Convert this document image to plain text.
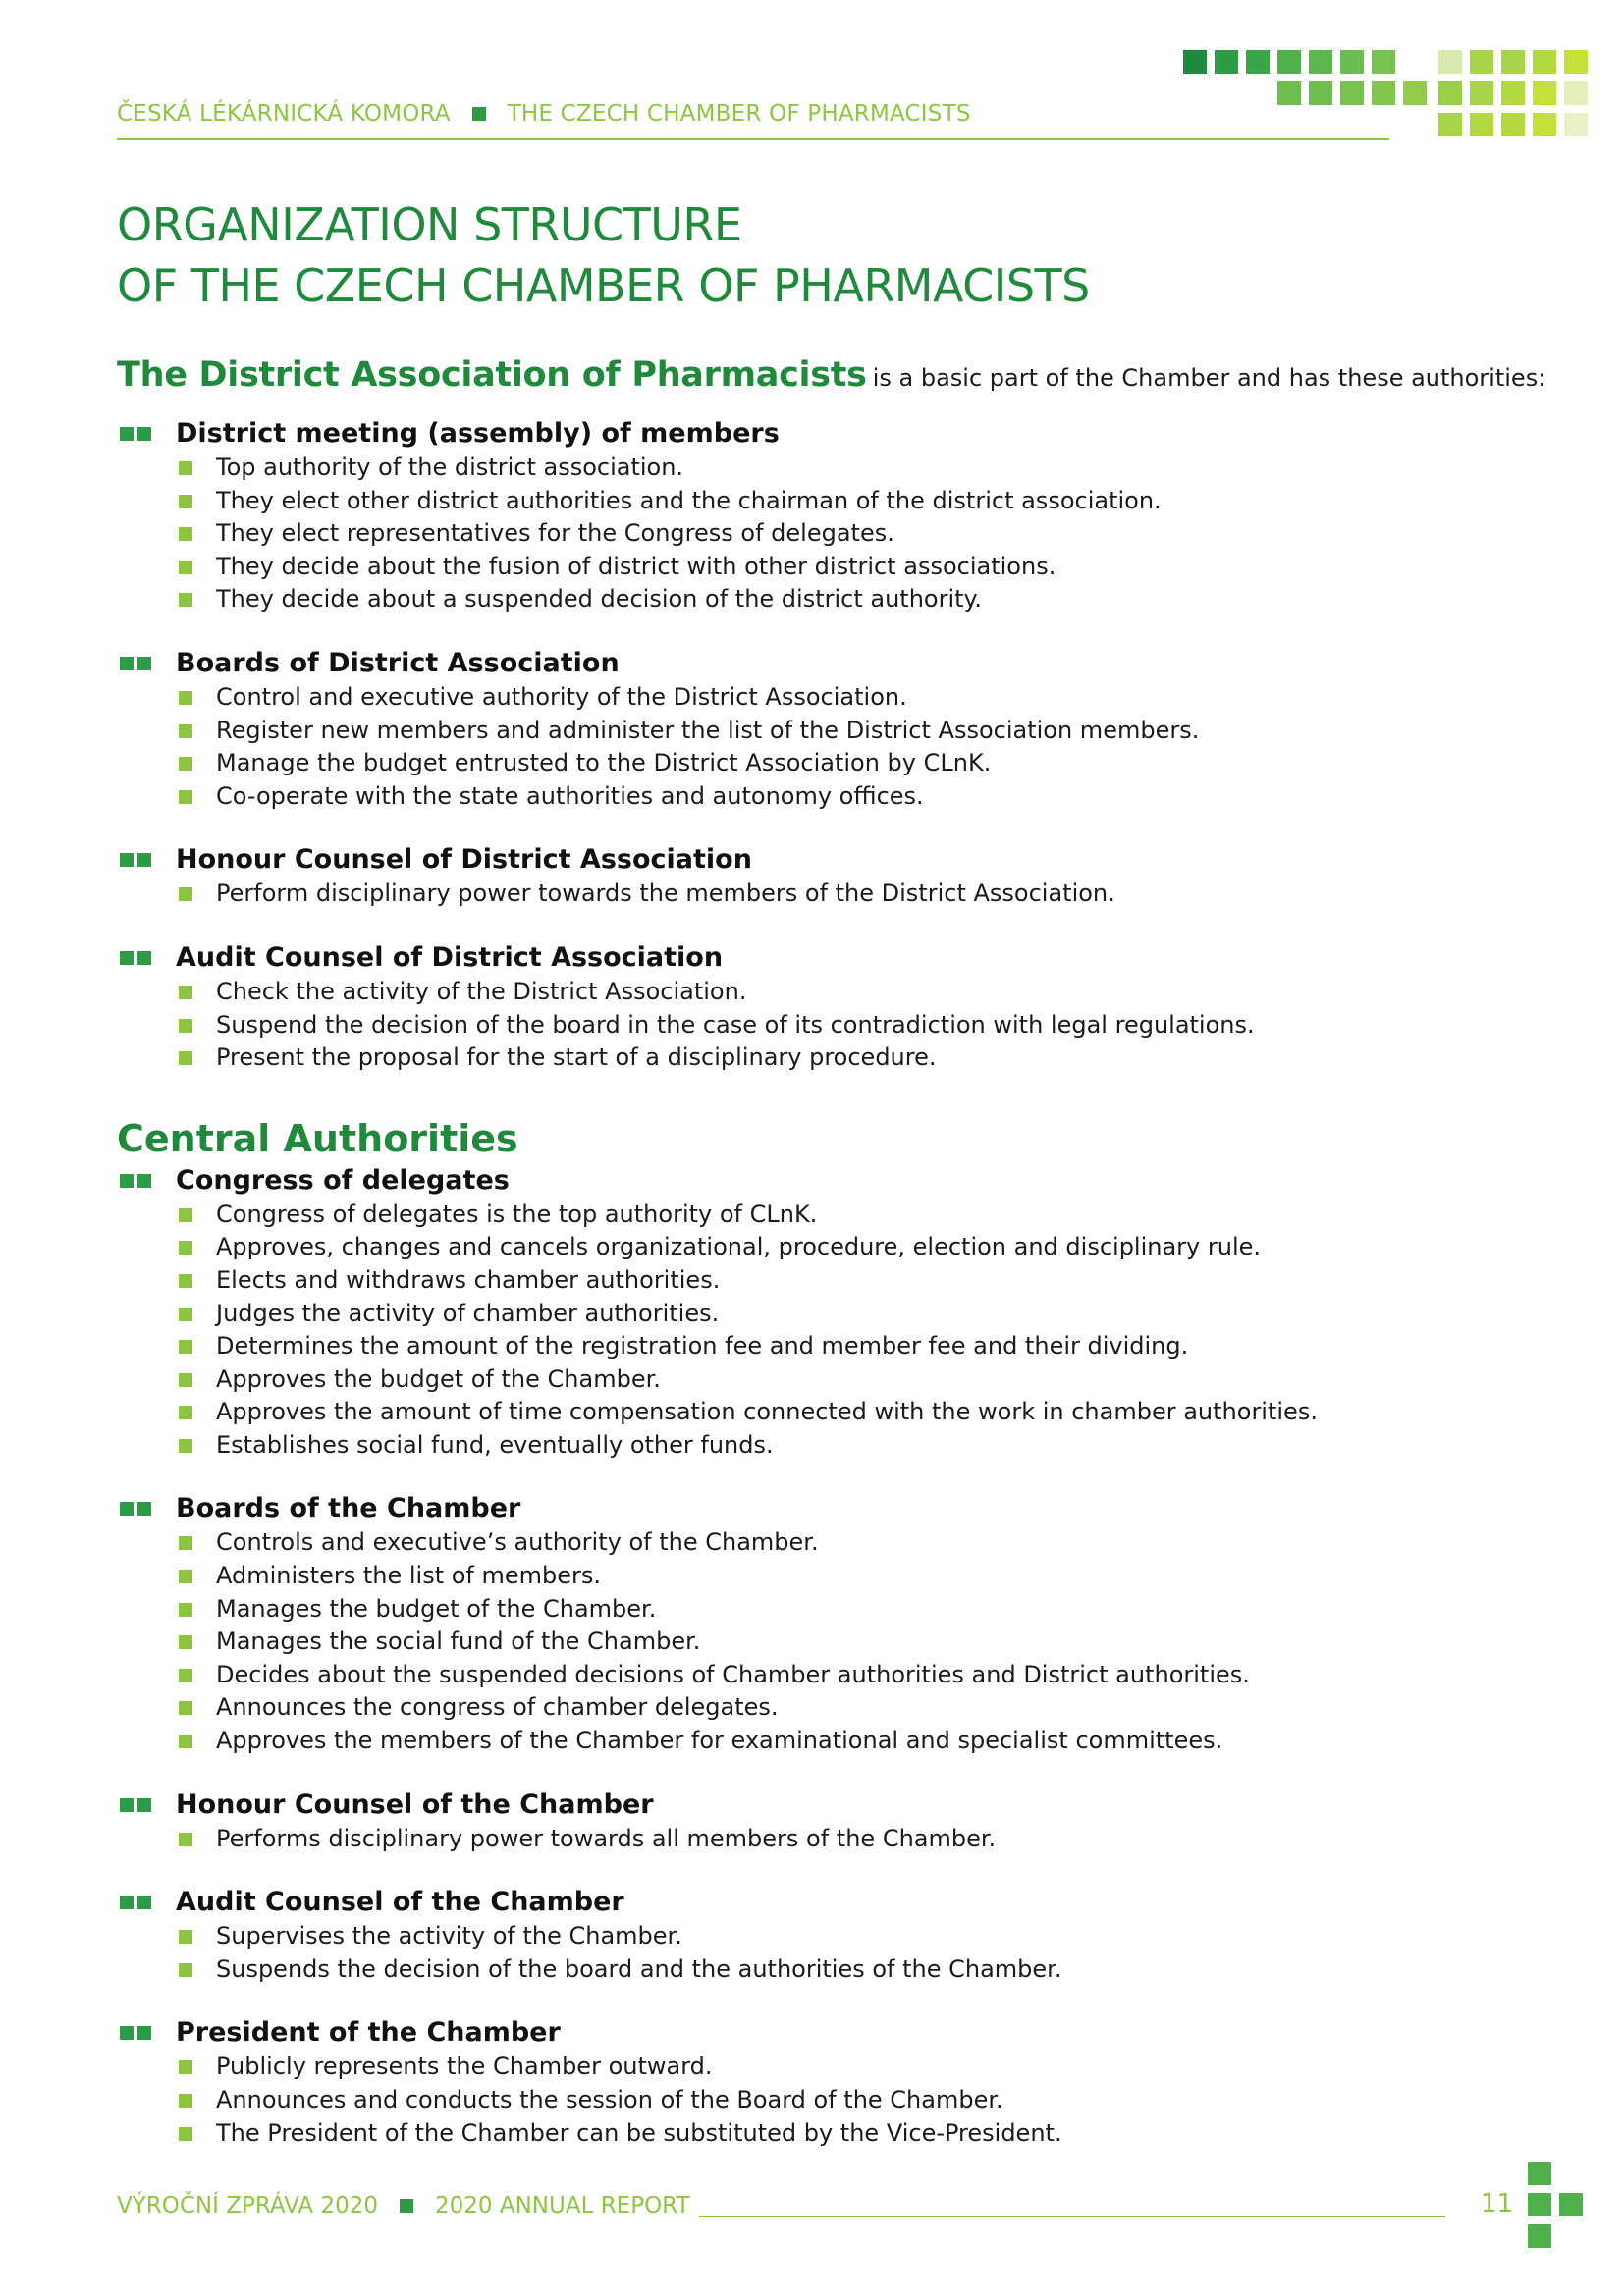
ČESKÁ LÉKÁRNICKÁ KOMORA	THE CZECH CHAMBER OF PHARMACISTS
ORGANIZATION STRUCTURE
OF THE CZECH CHAMBER OF PHARMACISTS

The District Association of Pharmacists is a basic part of the Chamber and has these authorities:

District meeting (assembly) of members
Top authority of the district association.
They elect other district authorities and the chairman of the district association.
They elect representatives for the Congress of delegates.
They decide about the fusion of district with other district associations.
They decide about a suspended decision of the district authority.
Boards of District Association
Control and executive authority of the District Association.
Register new members and administer the list of the District Association members.
Manage the budget entrusted to the District Association by CLnK.
Co-operate with the state authorities and autonomy offices.
Honour Counsel of District Association
Perform disciplinary power towards the members of the District Association.
Audit Counsel of District Association
Check the activity of the District Association.
Suspend the decision of the board in the case of its contradiction with legal regulations.
Present the proposal for the start of a disciplinary procedure.
Central Authorities
Congress of delegates
Congress of delegates is the top authority of CLnK.
Approves, changes and cancels organizational, procedure, election and disciplinary rule.
Elects and withdraws chamber authorities.
Judges the activity of chamber authorities.
Determines the amount of the registration fee and member fee and their dividing.
Approves the budget of the Chamber.
Approves the amount of time compensation connected with the work in chamber authorities.
Establishes social fund, eventually other funds.
Boards of the Chamber
Controls and executive’s authority of the Chamber.
Administers the list of members.
Manages the budget of the Chamber.
Manages the social fund of the Chamber.
Decides about the suspended decisions of Chamber authorities and District authorities.
Announces the congress of chamber delegates.
Approves the members of the Chamber for examinational and specialist committees.
Honour Counsel of the Chamber
Performs disciplinary power towards all members of the Chamber.
Audit Counsel of the Chamber
Supervises the activity of the Chamber.
Suspends the decision of the board and the authorities of the Chamber.
President of the Chamber
Publicly represents the Chamber outward.
Announces and conducts the session of the Board of the Chamber.
The President of the Chamber can be substituted by the Vice-President.
VÝROČNÍ ZPRÁVA 2020	2020 ANNUAL REPORT	11
